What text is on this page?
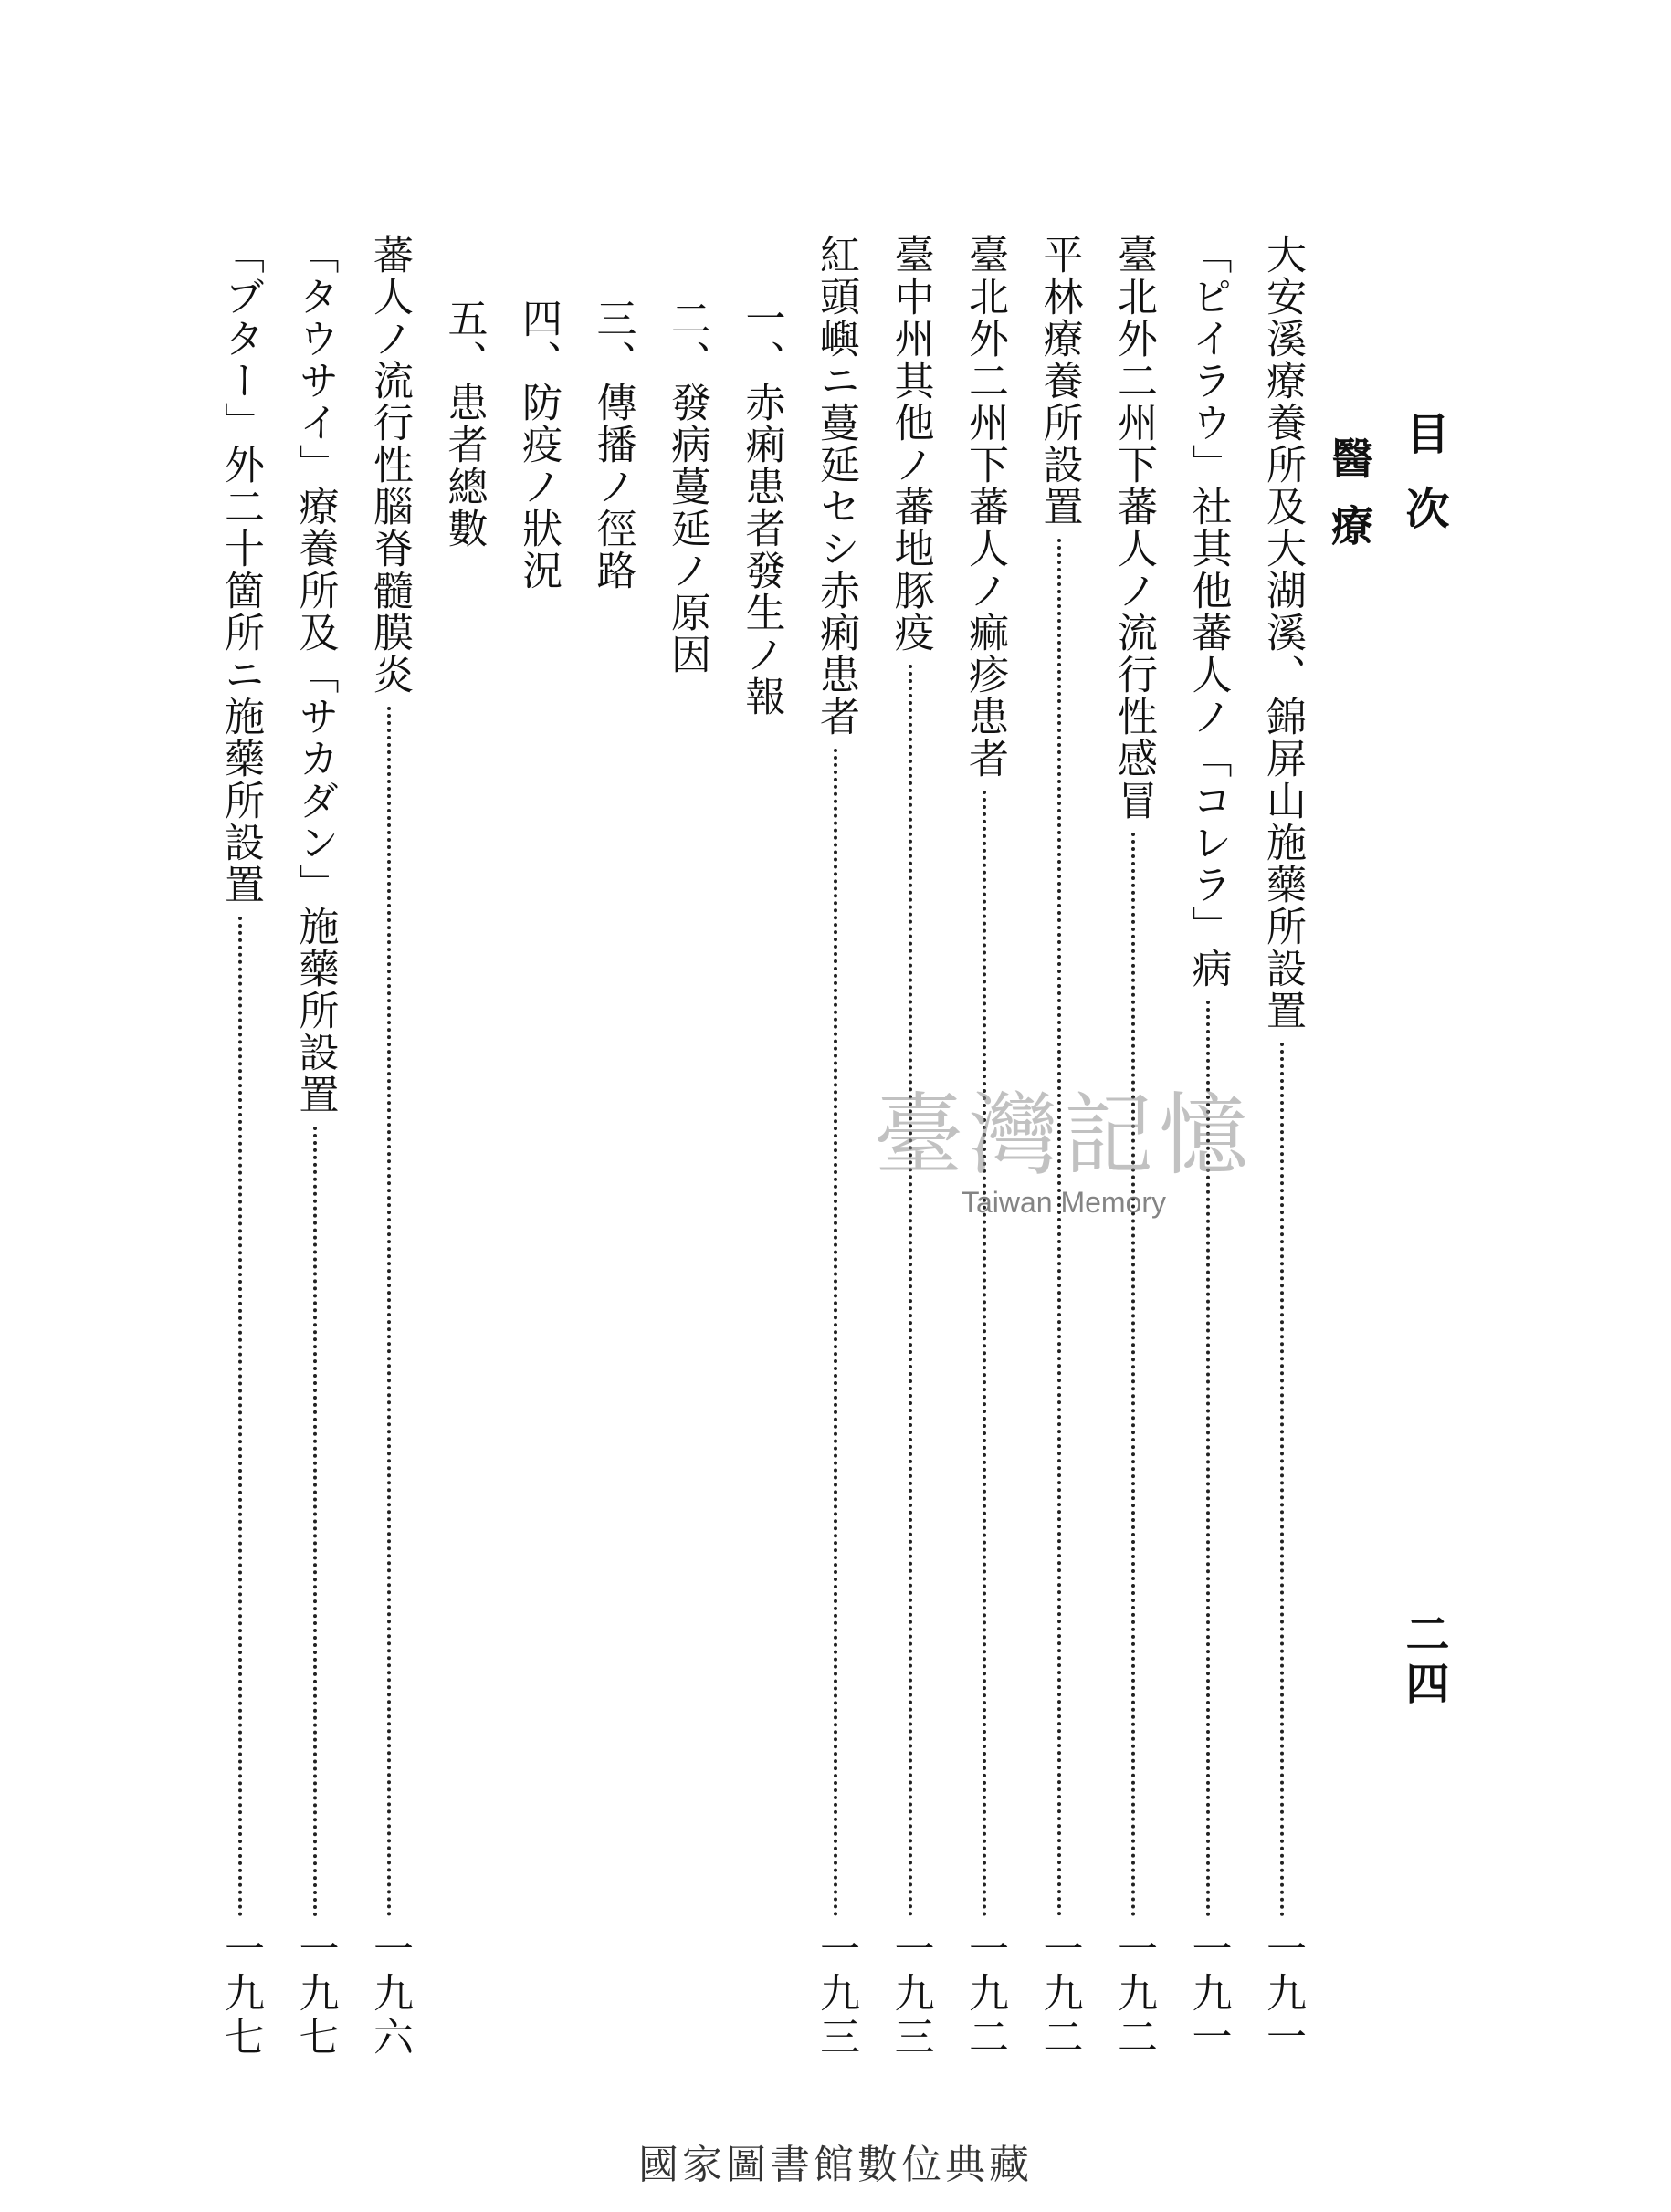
目次
二四
醫療
大安溪療養所及大湖溪、錦屏山施藥所設置
一九一
「ピイラウ」社其他蕃人ノ「コレラ」病
一九一
臺北外二州下蕃人ノ流行性感冒
一九二
平林療養所設置
一九二
臺北外二州下蕃人ノ痲疹患者
一九二
臺中州其他ノ蕃地豚疫
一九三
紅頭嶼ニ蔓延セシ赤痢患者
一九三
一、赤痢患者發生ノ報
二、發病蔓延ノ原因
三、傳播ノ徑路
四、防疫ノ狀況
五、患者總數
蕃人ノ流行性腦脊髓膜炎
一九六
「タウサイ」療養所及「サカダン」施藥所設置
一九七
「ブター」外二十箇所ニ施藥所設置
一九七
臺灣記憶
Taiwan Memory
國家圖書館數位典藏
